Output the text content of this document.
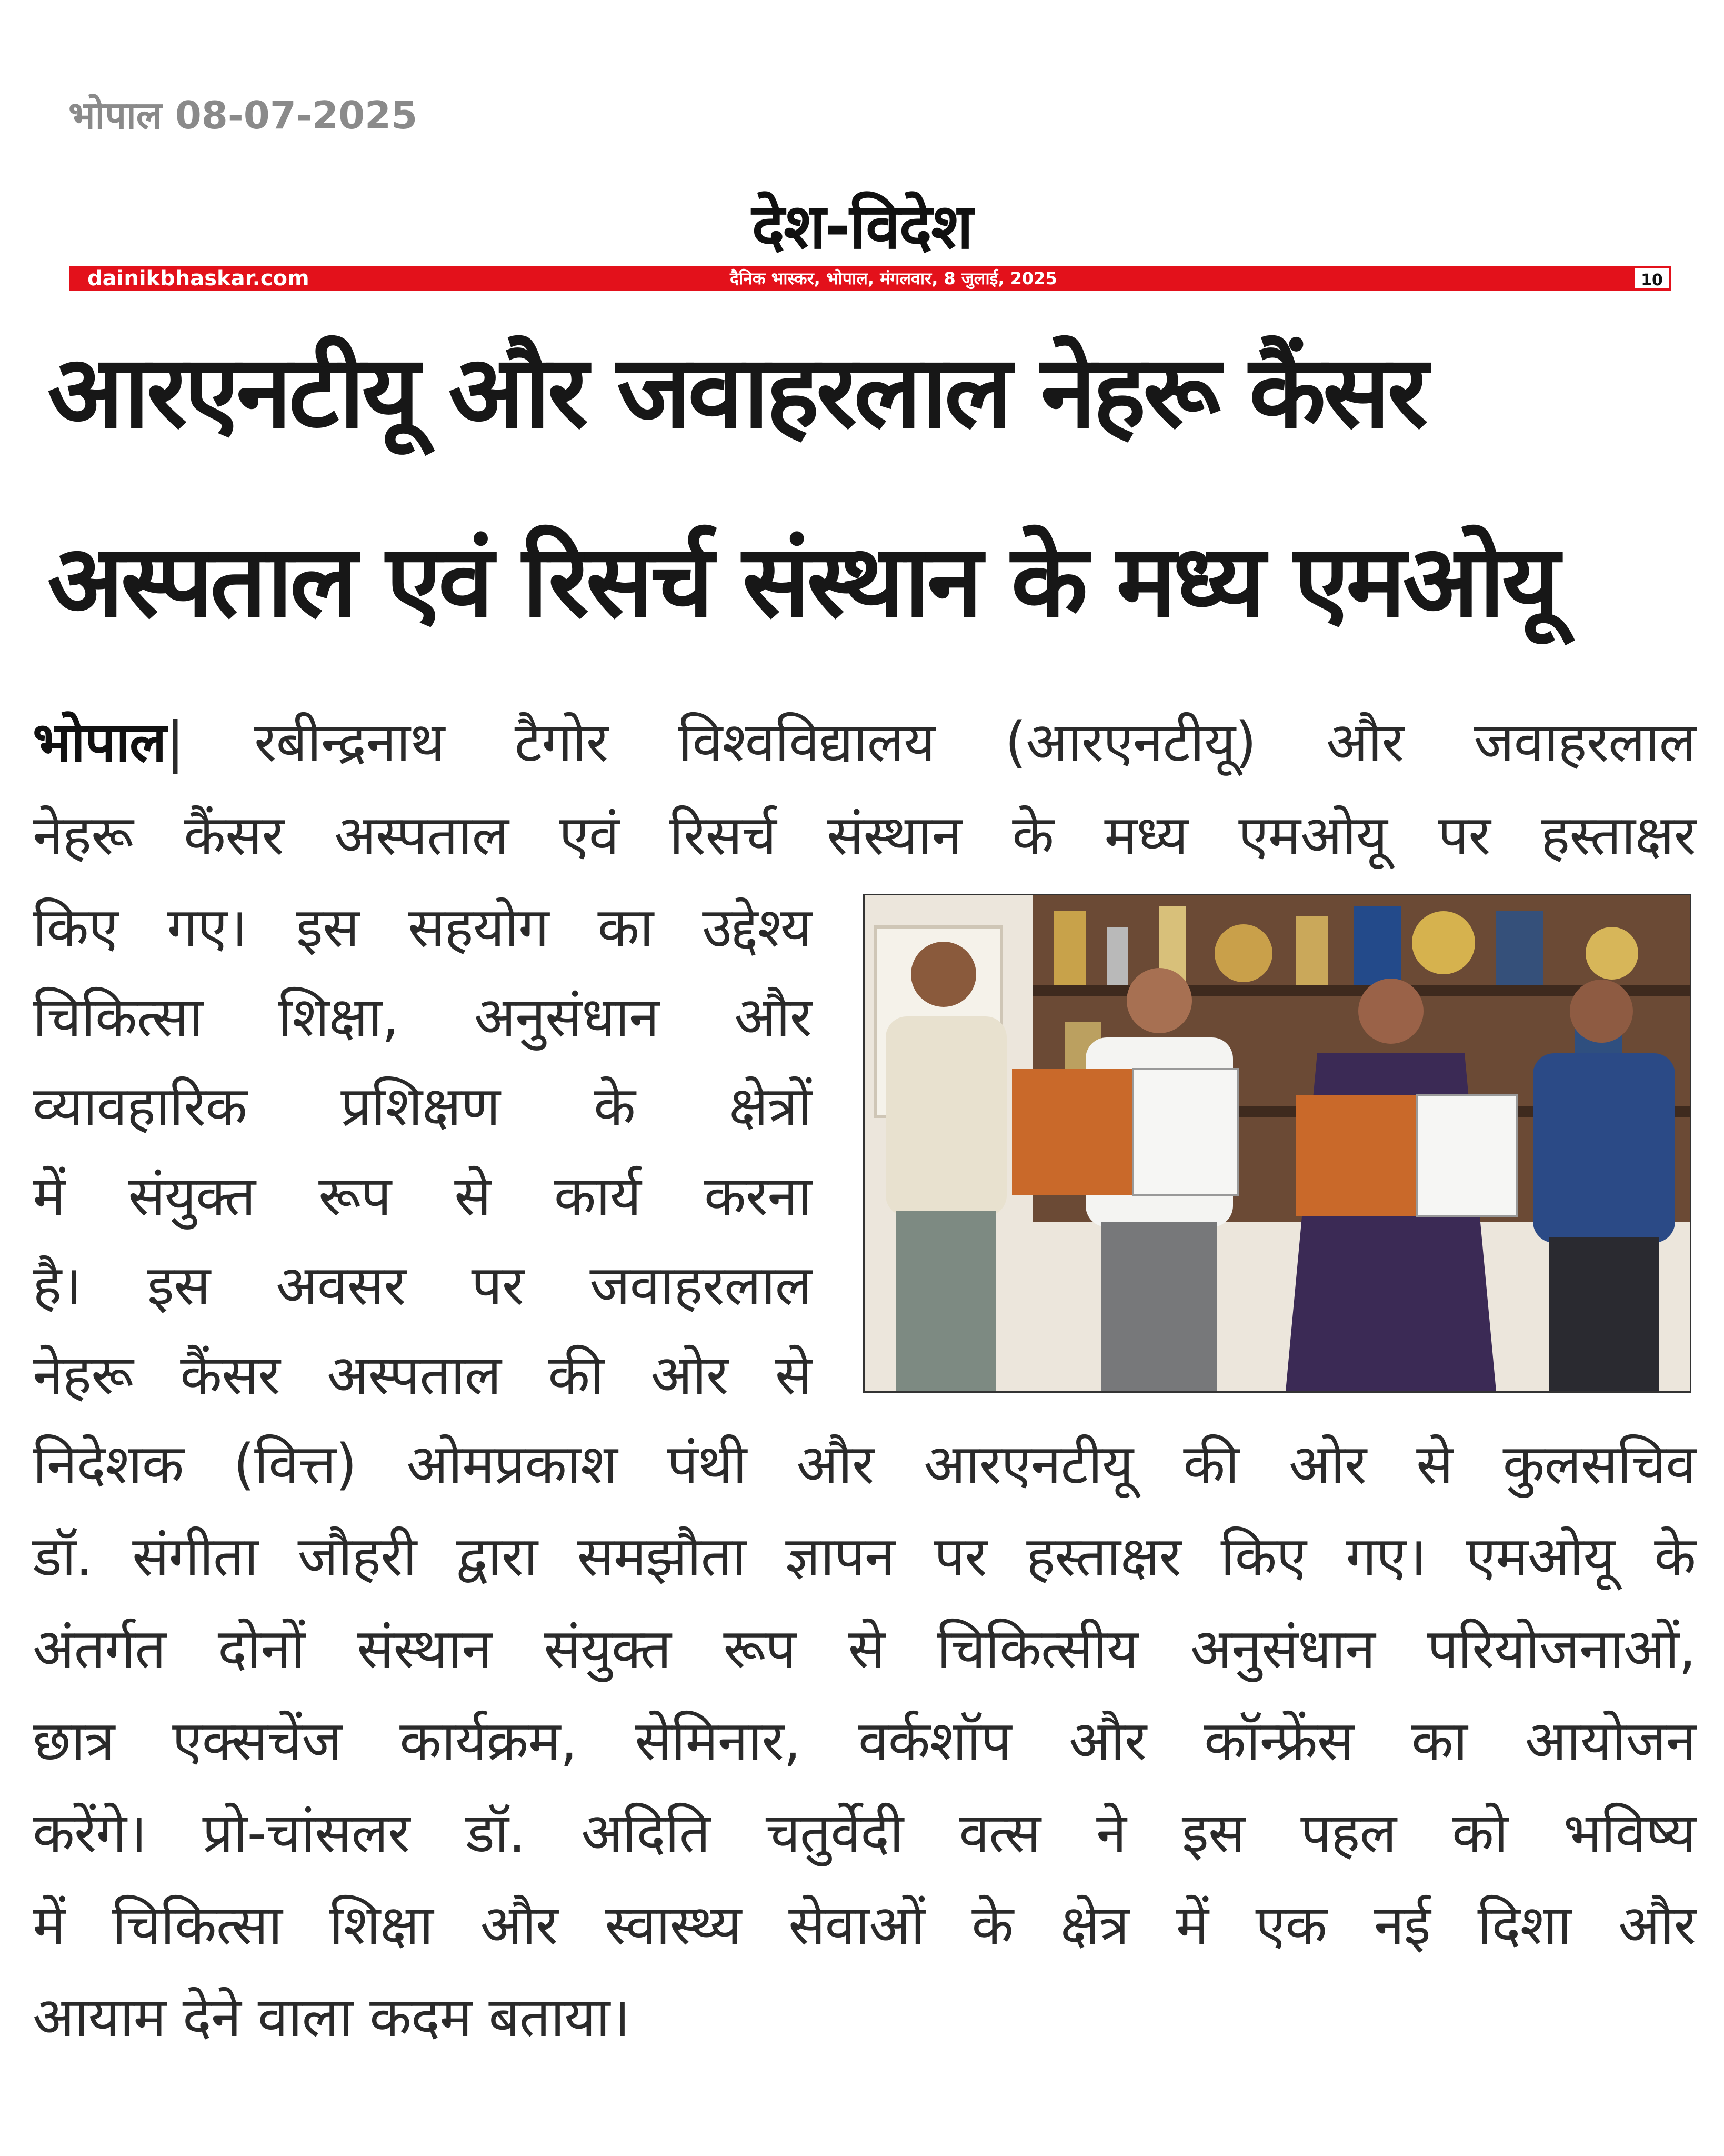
भोपाल 08-07-2025
देश-विदेश
dainikbhaskar.com	दैनिक भास्कर, भोपाल, मंगलवार, 8 जुलाई, 2025	10
आरएनटीयू और जवाहरलाल नेहरू कैंसर
अस्पताल एवं रिसर्च संस्थान के मध्य एमओयू
भोपाल| रबीन्द्रनाथ टैगोर विश्वविद्यालय (आरएनटीयू) और जवाहरलाल
नेहरू कैंसर अस्पताल एवं रिसर्च संस्थान के मध्य एमओयू पर हस्ताक्षर
किए गए। इस सहयोग का उद्देश्य
चिकित्सा शिक्षा, अनुसंधान और
व्यावहारिक प्रशिक्षण के क्षेत्रों
में संयुक्त रूप से कार्य करना
है। इस अवसर पर जवाहरलाल
नेहरू कैंसर अस्पताल की ओर से
निदेशक (वित्त) ओमप्रकाश पंथी और आरएनटीयू की ओर से कुलसचिव
डॉ. संगीता जौहरी द्वारा समझौता ज्ञापन पर हस्ताक्षर किए गए। एमओयू के
अंतर्गत दोनों संस्थान संयुक्त रूप से चिकित्सीय अनुसंधान परियोजनाओं,
छात्र एक्सचेंज कार्यक्रम, सेमिनार, वर्कशॉप और कॉन्फ्रेंस का आयोजन
करेंगे। प्रो-चांसलर डॉ. अदिति चतुर्वेदी वत्स ने इस पहल को भविष्य
में चिकित्सा शिक्षा और स्वास्थ्य सेवाओं के क्षेत्र में एक नई दिशा और
आयाम देने वाला कदम बताया।
